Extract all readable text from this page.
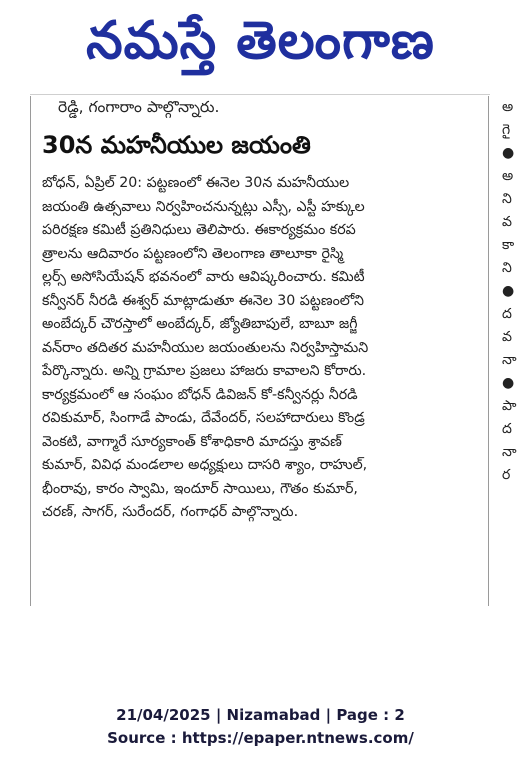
నమస్తే తెలంగాణ
రెడ్డి, గంగారాం పాల్గొన్నారు.
30న మహనీయుల జయంతి
బోధన్, ఏప్రిల్ 20: పట్టణంలో ఈనెల 30న మహనీయుల
జయంతి ఉత్సవాలు నిర్వహించనున్నట్లు ఎస్సీ, ఎస్టీ హక్కుల
పరిరక్షణ కమిటీ ప్రతినిధులు తెలిపారు. ఈకార్యక్రమం కరప
త్రాలను ఆదివారం పట్టణంలోని తెలంగాణ తాలూకా రైస్మి
ల్లర్స్ అసోసియేషన్ భవనంలో వారు ఆవిష్కరించారు. కమిటీ
కన్వీనర్ నీరడి ఈశ్వర్ మాట్లాడుతూ ఈనెల 30 పట్టణంలోని
అంబేద్కర్ చౌరస్తాలో అంబేద్కర్, జ్యోతిబాపులే, బాబూ జగ్జీ
వన్‌రాం తదితర మహనీయుల జయంతులను నిర్వహిస్తామని
పేర్కొన్నారు. అన్ని గ్రామాల ప్రజలు హాజరు కావాలని కోరారు.
కార్యక్రమంలో ఆ సంఘం బోధన్ డివిజన్ కో-కన్వీనర్లు నీరడి
రవికుమార్, సింగాడే పాండు, దేవేందర్, సలహాదారులు కొండ్ర
వెంకటి, వాగ్మారే సూర్యకాంత్ కోశాధికారి మాదస్తు శ్రావణ్
కుమార్, వివిధ మండలాల అధ్యక్షులు దాసరి శ్యాం, రాహుల్,
భీంరావు, కారం స్వామి, ఇందూర్ సాయిలు, గౌతం కుమార్,
చరణ్, సాగర్, సురేందర్, గంగాధర్ పాల్గొన్నారు.
అ
గై
●
అ
ని
వ
కా
ని
●
ద
వ
నా
●
పా
ద
నా
ర
21/04/2025 | Nizamabad | Page : 2
Source : https://epaper.ntnews.com/
